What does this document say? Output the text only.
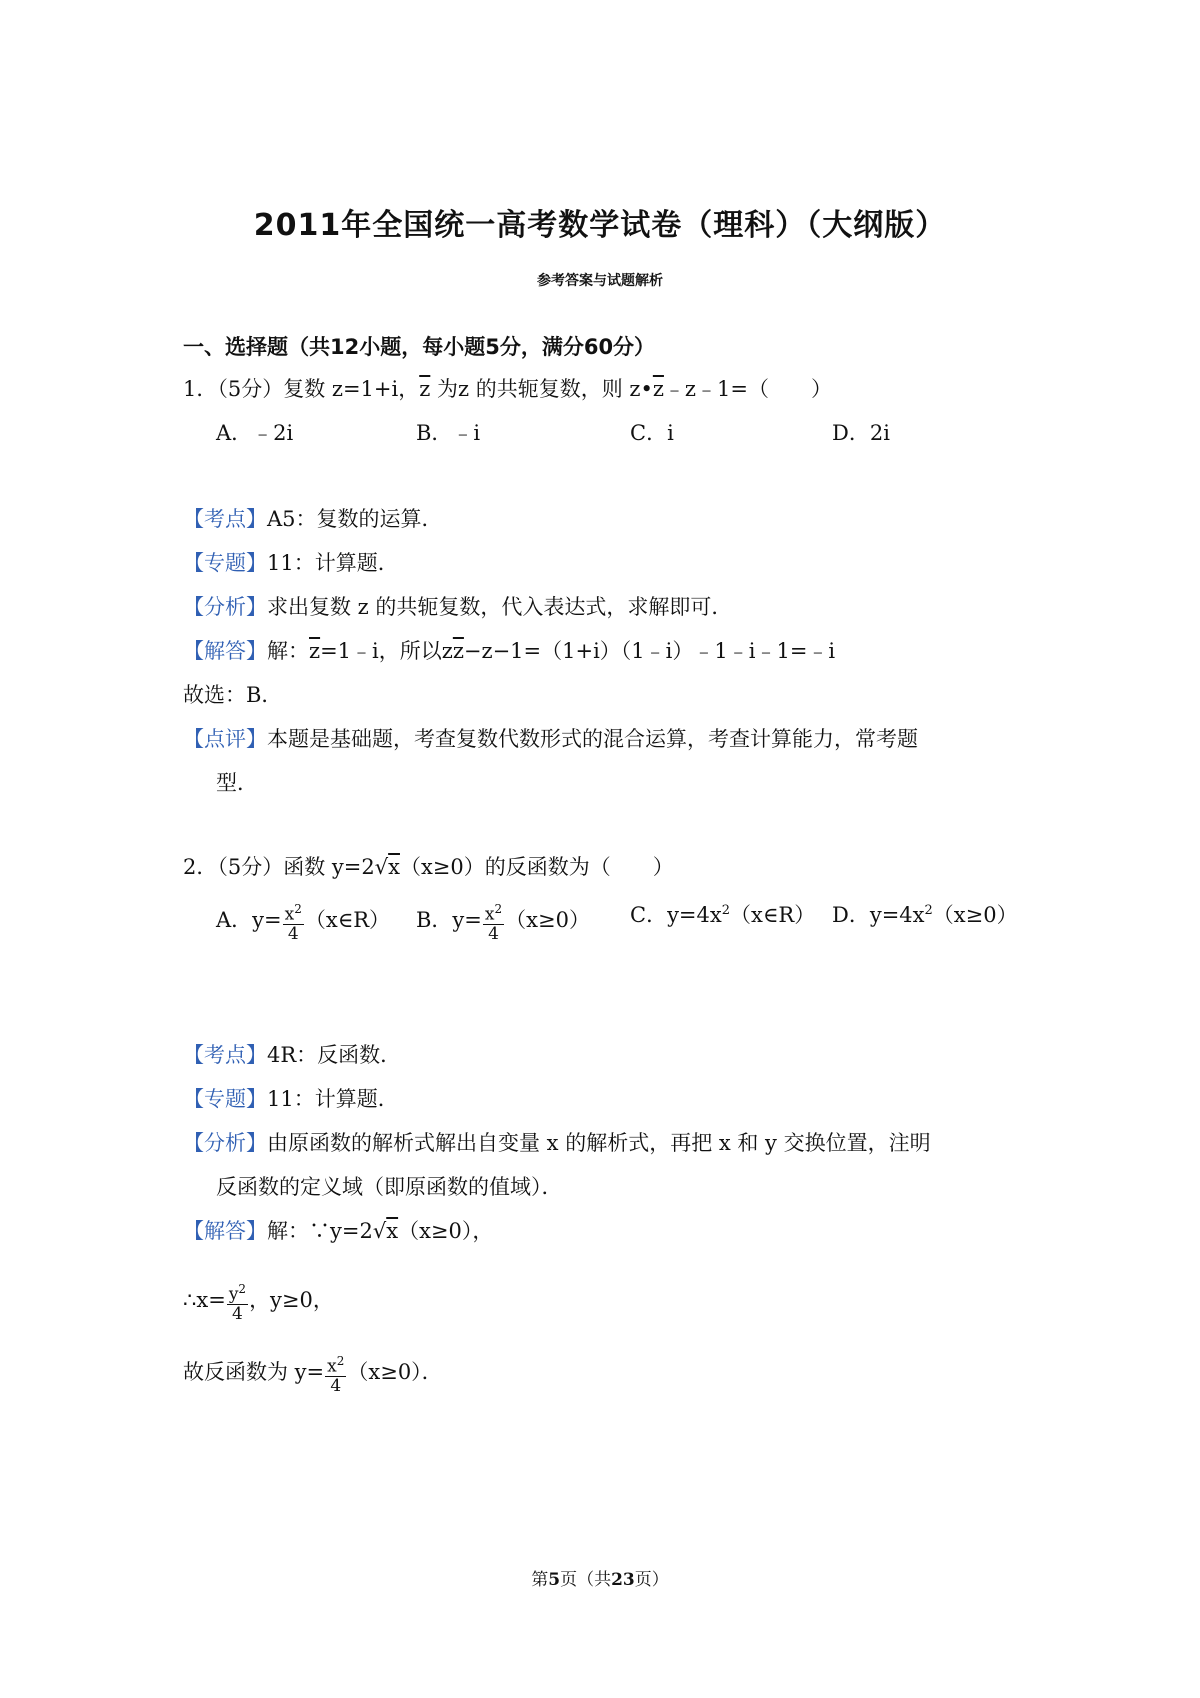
2011年全国统一高考数学试卷（理科）（大纲版）
参考答案与试题解析
一、选择题（共12小题，每小题5分，满分60分）
1．（5分）复数 z=1+i，$\overline{z}$ 为z 的共轭复数，则 $z•\overline{z}﹣z﹣1=$（　　）
A．﹣2i	B．﹣i	C．i	D．2i
【考点】A5：复数的运算．
【专题】11：计算题．
【分析】求出复数 z 的共轭复数，代入表达式，求解即可．
【解答】解：$\overline{z}=1﹣i$，所以$z\overline{z}-z-1=(1+i)(1﹣i)﹣1﹣i﹣1=﹣i$
故选：B．
【点评】本题是基础题，考查复数代数形式的混合运算，考查计算能力，常考题
型．
2．（5分）函数 y=2√x（x≥0）的反函数为（　　）
A．$y= \frac{x^2}{4}$ （x∈R） B．$y= \frac{x^2}{4} (x\ge 0)$ C．$y=4x^2(x\in R)$ D．$y=4x^2(x\ge 0)$
【考点】4R：反函数．
【专题】11：计算题．
【分析】由原函数的解析式解出自变量 x 的解析式，再把 x 和 y 交换位置，注明
反函数的定义域（即原函数的值域）．
【解答】解：∵y=2√x（x≥0），
∴x= $\frac{y^2}{4}$ ，y≥0，
故反函数为 $y= \frac{x^2}{4} (x\ge 0)$．
第5页（共23页）
